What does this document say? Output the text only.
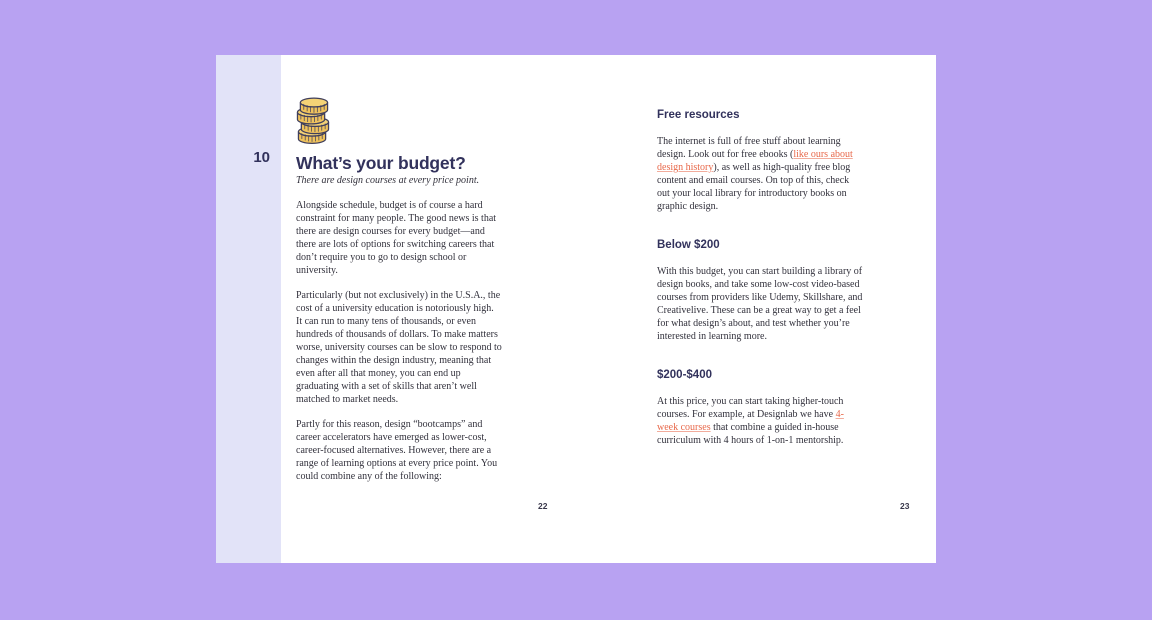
10 What’s your budget?

There are design courses at every price point.

Alongside schedule, budget is of course a hard constraint for many people. The good news is that there are design courses for every budget—and there are lots of options for switching careers that don’t require you to go to design school or university.

Particularly (but not exclusively) in the U.S.A., the cost of a university education is notoriously high. It can run to many tens of thousands, or even hundreds of thousands of dollars. To make matters worse, university courses can be slow to respond to changes within the design industry, meaning that even after all that money, you can end up graduating with a set of skills that aren’t well matched to market needs.

Partly for this reason, design “bootcamps” and career accelerators have emerged as lower-cost, career-focused alternatives. However, there are a range of learning options at every price point. You could combine any of the following:

Free resources

The internet is full of free stuff about learning design. Look out for free ebooks (like ours about design history), as well as high-quality free blog content and email courses. On top of this, check out your local library for introductory books on graphic design.

Below $200

With this budget, you can start building a library of design books, and take some low-cost video-based courses from providers like Udemy, Skillshare, and Creativelive. These can be a great way to get a feel for what design’s about, and test whether you’re interested in learning more.

$200-$400

At this price, you can start taking higher-touch courses. For example, at Designlab we have 4-week courses that combine a guided in-house curriculum with 4 hours of 1-on-1 mentorship.

22	23
